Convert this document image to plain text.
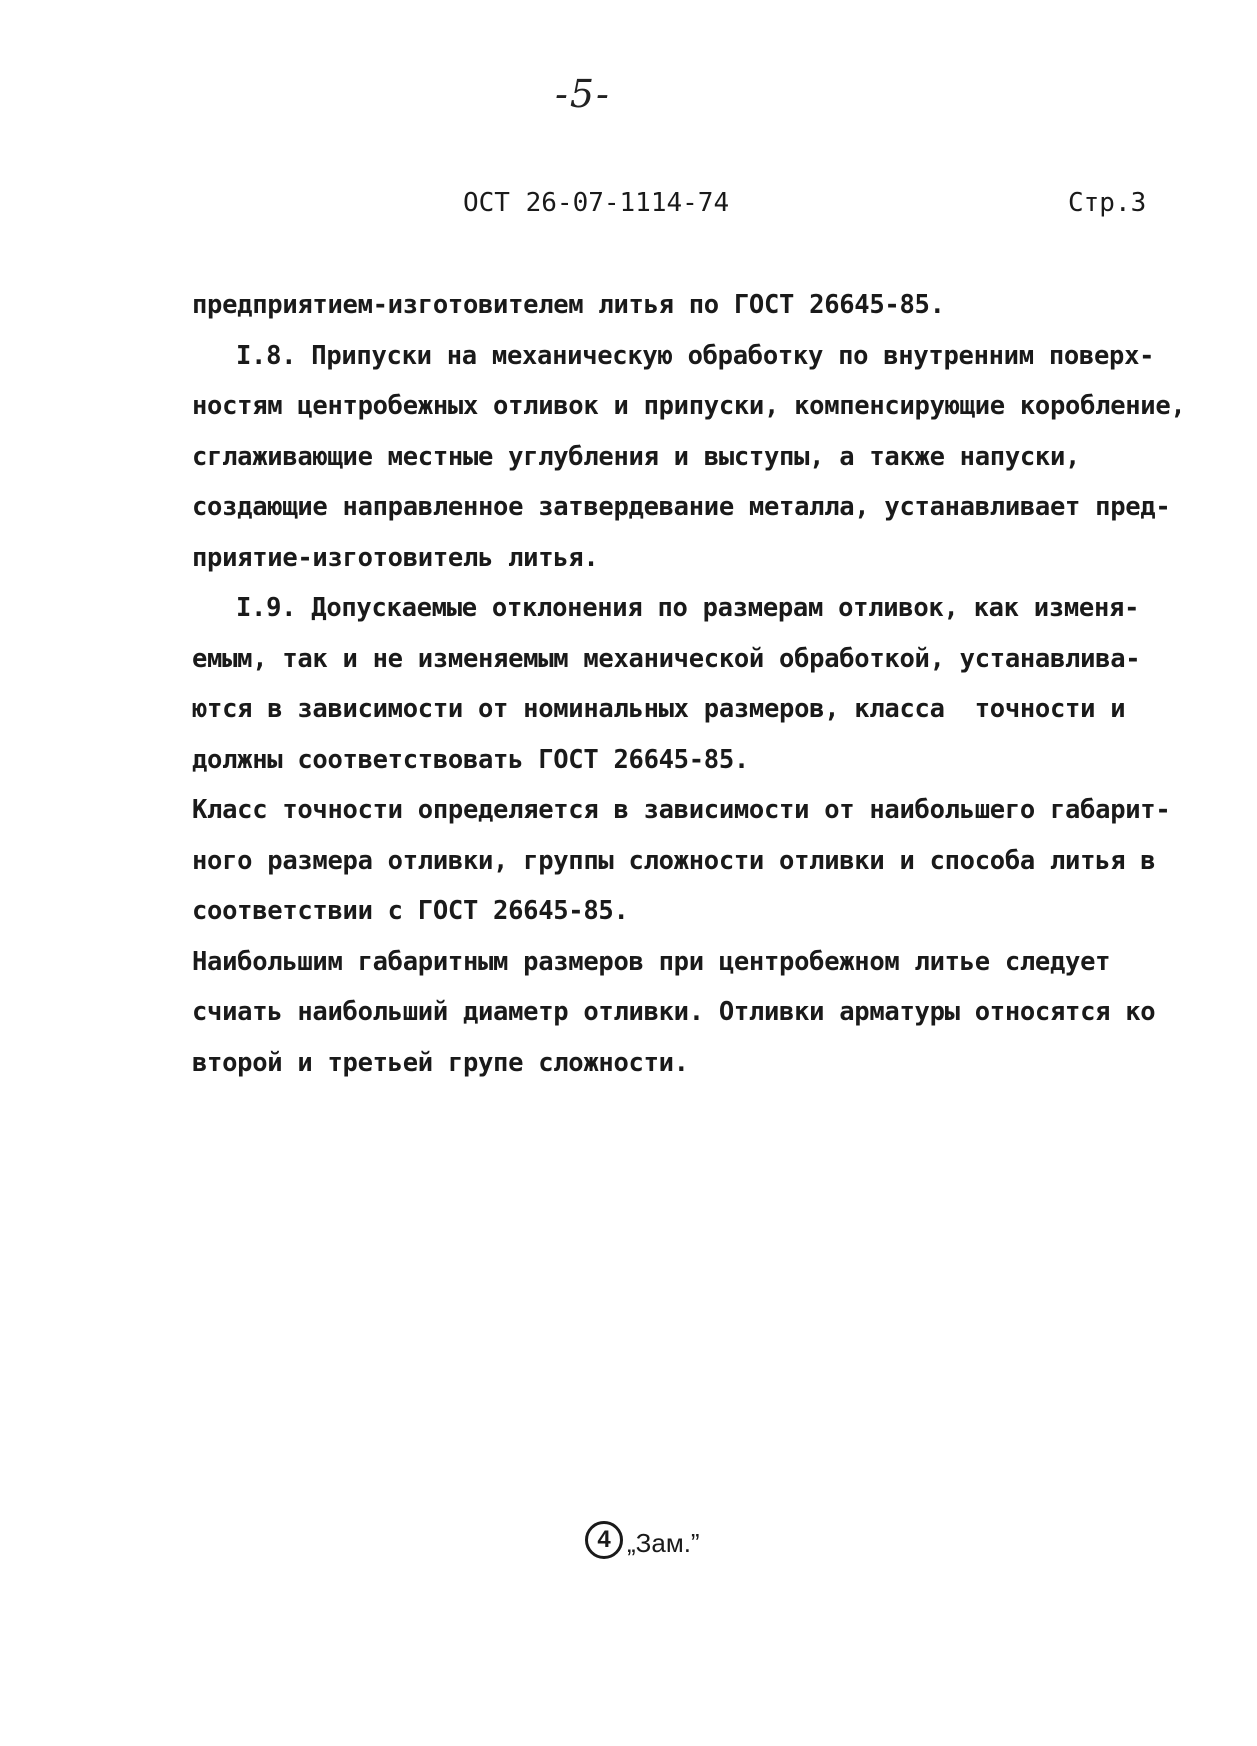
-5-
ОСТ 26-07-1114-74	Стр.3
предприятием-изготовителем литья по ГОСТ 26645-85.
I.8. Припуски на механическую обработку по внутренним поверх-
ностям центробежных отливок и припуски, компенсирующие коробление,
сглаживающие местные углубления и выступы, а также напуски,
создающие направленное затвердевание металла, устанавливает пред-
приятие-изготовитель литья.
I.9. Допускаемые отклонения по размерам отливок, как изменя-
емым, так и не изменяемым механической обработкой, устанавлива-
ются в зависимости от номинальных размеров, класса  точности и
должны соответствовать ГОСТ 26645-85.
Класс точности определяется в зависимости от наибольшего габарит-
ного размера отливки, группы сложности отливки и способа литья в
соответствии с ГОСТ 26645-85.
Наибольшим габаритным размеров при центробежном литье следует
счиать наибольший диаметр отливки. Отливки арматуры относятся ко
второй и третьей групе сложности.
4 „Зам.”
